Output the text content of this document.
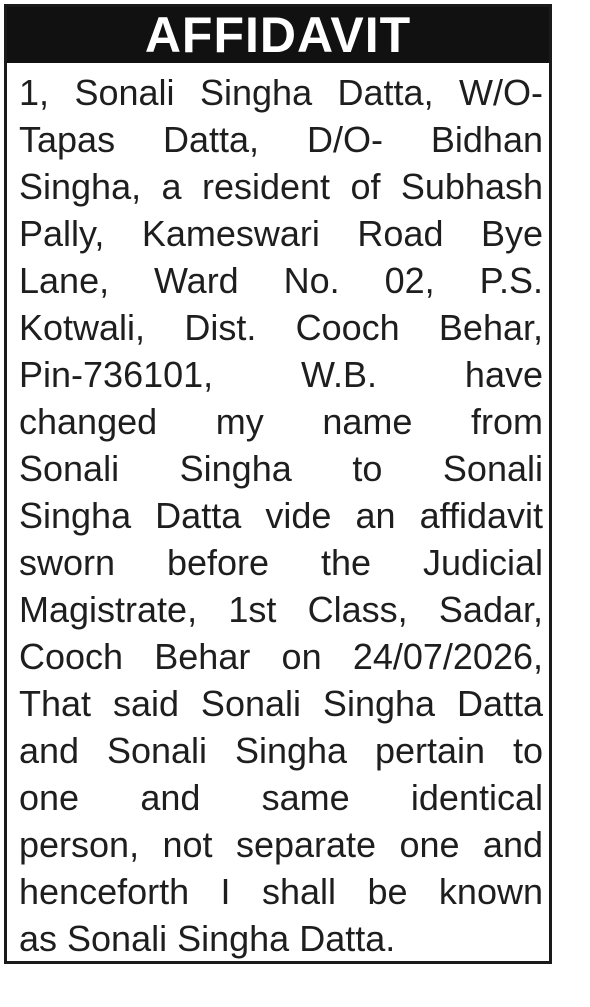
AFFIDAVIT
1, Sonali Singha Datta, W/O-
Tapas Datta, D/O- Bidhan
Singha, a resident of Subhash
Pally, Kameswari Road Bye
Lane, Ward No. 02, P.S.
Kotwali, Dist. Cooch Behar,
Pin-736101, W.B. have
changed my name from
Sonali Singha to Sonali
Singha Datta vide an affidavit
sworn before the Judicial
Magistrate, 1st Class, Sadar,
Cooch Behar on 24/07/2026,
That said Sonali Singha Datta
and Sonali Singha pertain to
one and same identical
person, not separate one and
henceforth I shall be known
as Sonali Singha Datta.
